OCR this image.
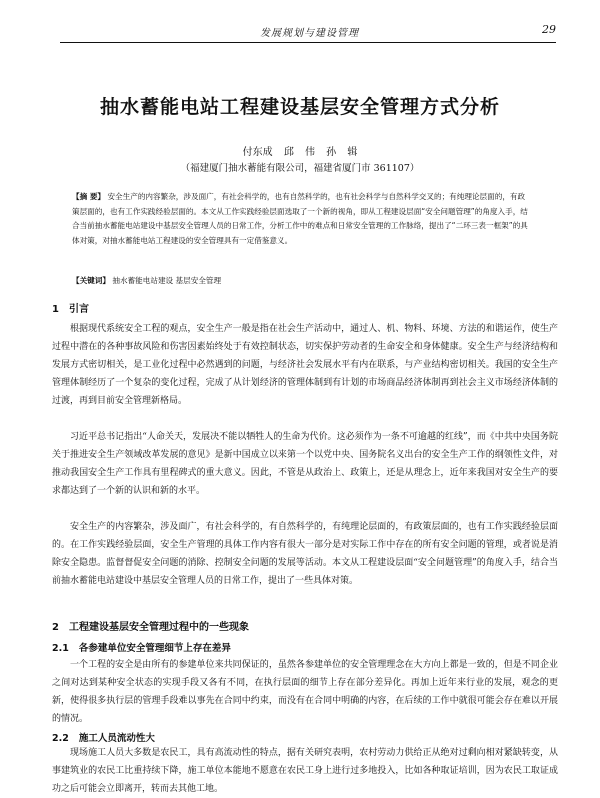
发展规划与建设管理	29
抽水蓄能电站工程建设基层安全管理方式分析
付东成 邱 伟 孙 辑
（福建厦门抽水蓄能有限公司，福建省厦门市 361107）
【摘 要】 安全生产的内容繁杂，涉及面广，有社会科学的，也有自然科学的，也有社会科学与自然科学交叉的；有纯理论层面的，有政策层面的，也有工作实践经验层面的。本文从工作实践经验层面选取了一个新的视角，即从工程建设层面“安全问题管理”的角度入手，结合当前抽水蓄能电站建设中基层安全管理人员的日常工作，分析工作中的难点和日常安全管理的工作脉络，提出了“二环三表一框架”的具体对策，对抽水蓄能电站工程建设的安全管理具有一定借鉴意义。
【关键词】 抽水蓄能电站建设 基层安全管理
1 引言
根据现代系统安全工程的观点，安全生产一般是指在社会生产活动中，通过人、机、物料、环境、方法的和谐运作，使生产过程中潜在的各种事故风险和伤害因素始终处于有效控制状态，切实保护劳动者的生命安全和身体健康。安全生产与经济结构和发展方式密切相关，是工业化过程中必然遇到的问题，与经济社会发展水平有内在联系，与产业结构密切相关。我国的安全生产管理体制经历了一个复杂的变化过程，完成了从计划经济的管理体制到有计划的市场商品经济体制再到社会主义市场经济体制的过渡，再到目前安全管理新格局。
习近平总书记指出“人命关天，发展决不能以牺牲人的生命为代价。这必须作为一条不可逾越的红线”，而《中共中央国务院关于推进安全生产领域改革发展的意见》是新中国成立以来第一个以党中央、国务院名义出台的安全生产工作的纲领性文件，对推动我国安全生产工作具有里程碑式的重大意义。因此，不管是从政治上、政策上，还是从理念上，近年来我国对安全生产的要求都达到了一个新的认识和新的水平。
安全生产的内容繁杂，涉及面广，有社会科学的，有自然科学的，有纯理论层面的，有政策层面的，也有工作实践经验层面的。在工作实践经验层面，安全生产管理的具体工作内容有很大一部分是对实际工作中存在的所有安全问题的管理，或者说是消除安全隐患。监督督促安全问题的消除、控制安全问题的发展等活动。本文从工程建设层面“安全问题管理”的角度入手，结合当前抽水蓄能电站建设中基层安全管理人员的日常工作，提出了一些具体对策。
2 工程建设基层安全管理过程中的一些现象
2.1 各参建单位安全管理细节上存在差异
一个工程的安全是由所有的参建单位来共同保证的，虽然各参建单位的安全管理理念在大方向上都是一致的，但是不同企业之间对达到某种安全状态的实现手段又各有不同，在执行层面的细节上存在部分差异化。再加上近年来行业的发展，观念的更新，使得很多执行层的管理手段难以事先在合同中约束，而没有在合同中明确的内容，在后续的工作中就很可能会存在难以开展的情况。
2.2 施工人员流动性大
现场施工人员大多数是农民工，具有高流动性的特点，据有关研究表明，农村劳动力供给正从绝对过剩向相对紧缺转变，从事建筑业的农民工比重持续下降，施工单位本能地不愿意在农民工身上进行过多地投入，比如各种取证培训，因为农民工取证成功之后可能会立即离开，转而去其他工地。
